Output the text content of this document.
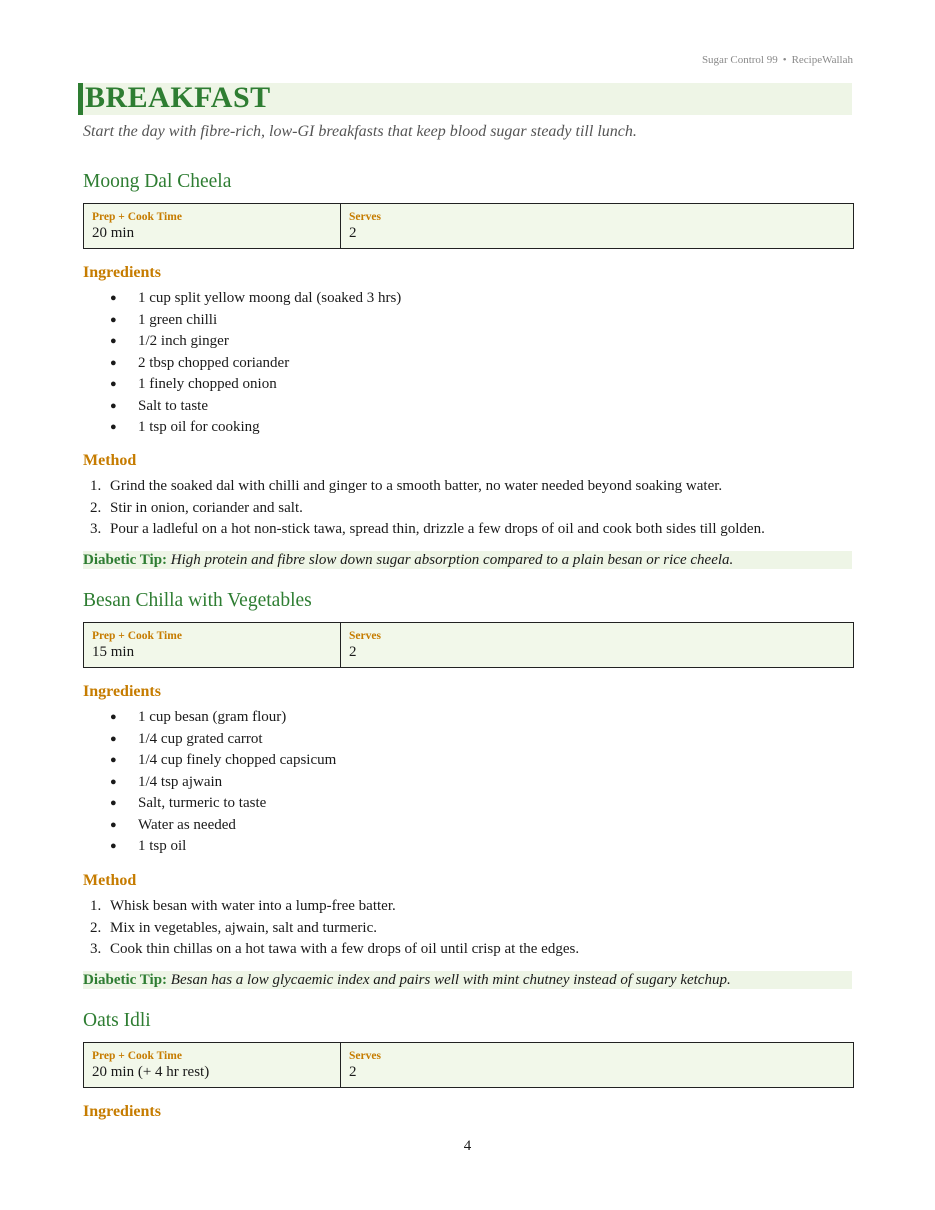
Sugar Control 99 • RecipeWallah
BREAKFAST
Start the day with fibre-rich, low-GI breakfasts that keep blood sugar steady till lunch.
Moong Dal Cheela
Prep + Cook Time
20 min
Serves
2
Ingredients
● 1 cup split yellow moong dal (soaked 3 hrs)
● 1 green chilli
● 1/2 inch ginger
● 2 tbsp chopped coriander
● 1 finely chopped onion
● Salt to taste
● 1 tsp oil for cooking
Method
1. Grind the soaked dal with chilli and ginger to a smooth batter, no water needed beyond soaking water.
2. Stir in onion, coriander and salt.
3. Pour a ladleful on a hot non-stick tawa, spread thin, drizzle a few drops of oil and cook both sides till golden.
Diabetic Tip: High protein and fibre slow down sugar absorption compared to a plain besan or rice cheela.
Besan Chilla with Vegetables
Prep + Cook Time
15 min
Serves
2
Ingredients
● 1 cup besan (gram flour)
● 1/4 cup grated carrot
● 1/4 cup finely chopped capsicum
● 1/4 tsp ajwain
● Salt, turmeric to taste
● Water as needed
● 1 tsp oil
Method
1. Whisk besan with water into a lump-free batter.
2. Mix in vegetables, ajwain, salt and turmeric.
3. Cook thin chillas on a hot tawa with a few drops of oil until crisp at the edges.
Diabetic Tip: Besan has a low glycaemic index and pairs well with mint chutney instead of sugary ketchup.
Oats Idli
Prep + Cook Time
20 min (+ 4 hr rest)
Serves
2
Ingredients
4
